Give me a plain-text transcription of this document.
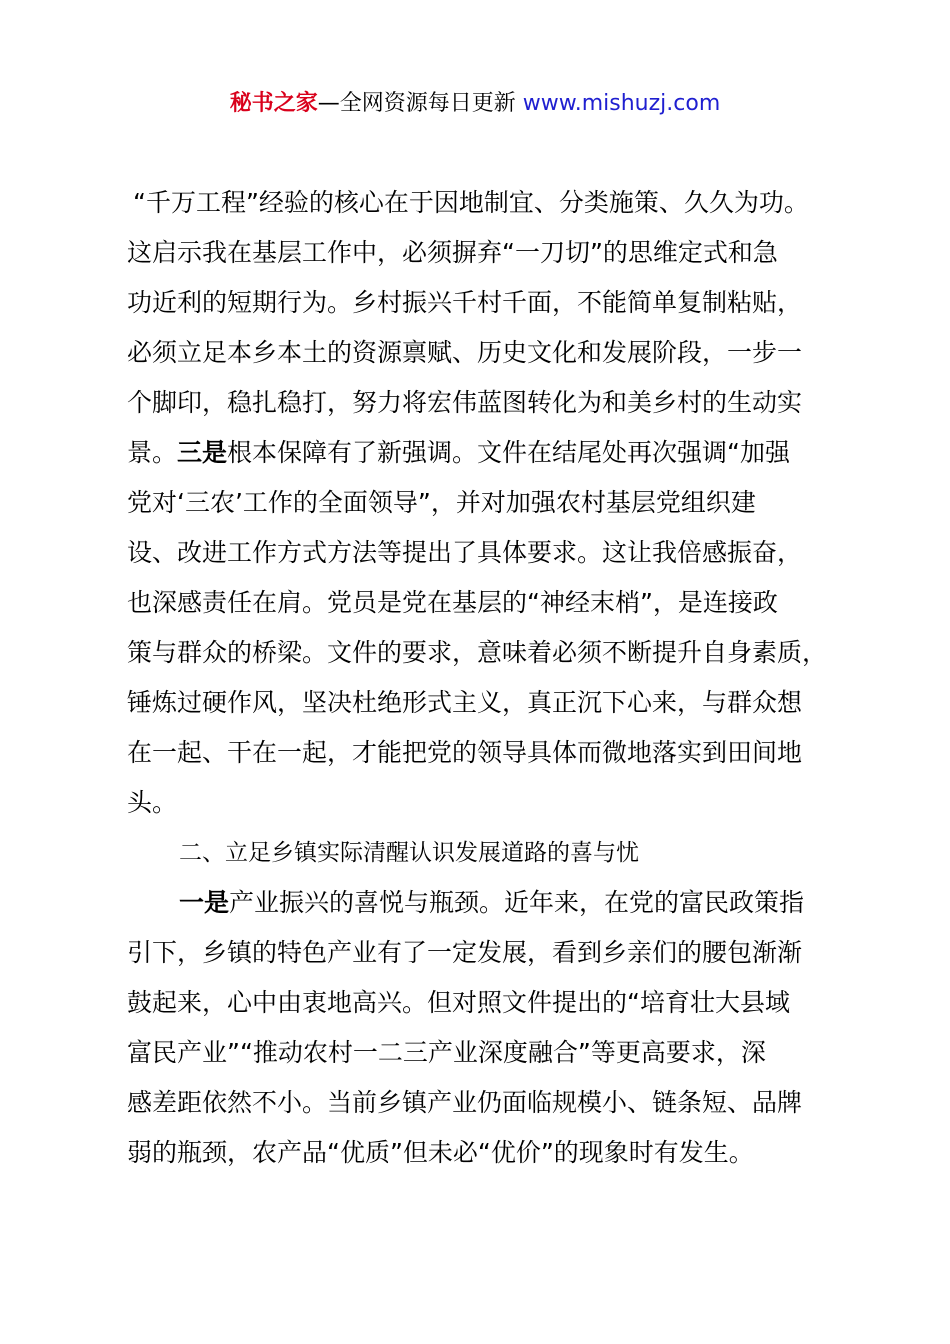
秘书之家—全网资源每日更新 www.mishuzj.com
“千万工程”经验的核心在于因地制宜、分类施策、久久为功。
这启示我在基层工作中，必须摒弃“一刀切”的思维定式和急
功近利的短期行为。乡村振兴千村千面，不能简单复制粘贴，
必须立足本乡本土的资源禀赋、历史文化和发展阶段，一步一
个脚印，稳扎稳打，努力将宏伟蓝图转化为和美乡村的生动实
景。三是根本保障有了新强调。文件在结尾处再次强调“加强
党对‘三农’工作的全面领导”，并对加强农村基层党组织建
设、改进工作方式方法等提出了具体要求。这让我倍感振奋，
也深感责任在肩。党员是党在基层的“神经末梢”，是连接政
策与群众的桥梁。文件的要求，意味着必须不断提升自身素质，
锤炼过硬作风，坚决杜绝形式主义，真正沉下心来，与群众想
在一起、干在一起，才能把党的领导具体而微地落实到田间地
头。
二、立足乡镇实际清醒认识发展道路的喜与忧
一是产业振兴的喜悦与瓶颈。近年来，在党的富民政策指
引下，乡镇的特色产业有了一定发展，看到乡亲们的腰包渐渐
鼓起来，心中由衷地高兴。但对照文件提出的“培育壮大县域
富民产业”“推动农村一二三产业深度融合”等更高要求，深
感差距依然不小。当前乡镇产业仍面临规模小、链条短、品牌
弱的瓶颈，农产品“优质”但未必“优价”的现象时有发生。
